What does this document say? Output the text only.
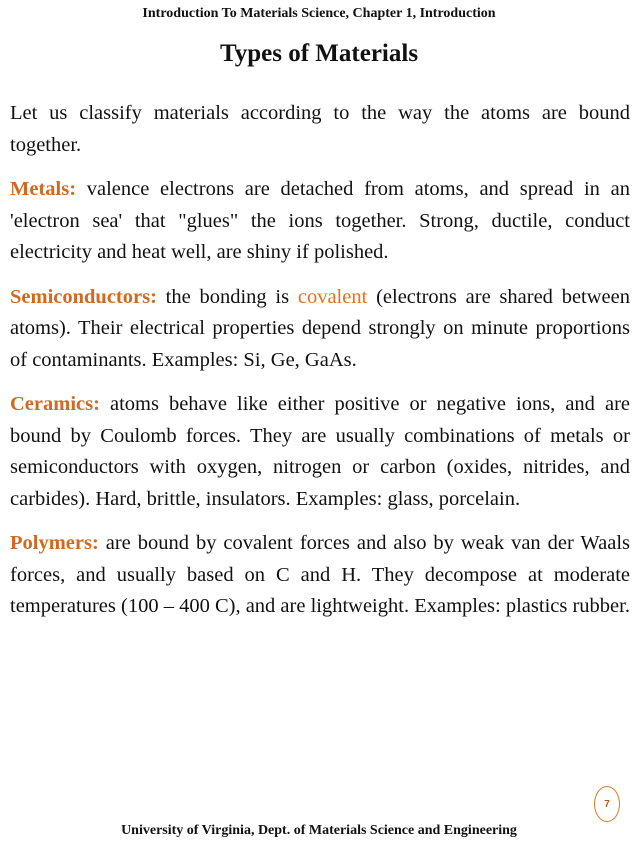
Introduction To Materials Science, Chapter 1, Introduction
Types of Materials

Let us classify materials according to the way the atoms are bound together.

Metals: valence electrons are detached from atoms, and spread in an 'electron sea' that "glues" the ions together. Strong, ductile, conduct electricity and heat well, are shiny if polished.

Semiconductors: the bonding is covalent (electrons are shared between atoms). Their electrical properties depend strongly on minute proportions of contaminants. Examples: Si, Ge, GaAs.

Ceramics: atoms behave like either positive or negative ions, and are bound by Coulomb forces. They are usually combinations of metals or semiconductors with oxygen, nitrogen or carbon (oxides, nitrides, and carbides). Hard, brittle, insulators. Examples: glass, porcelain.

Polymers: are bound by covalent forces and also by weak van der Waals forces, and usually based on C and H. They decompose at moderate temperatures (100 – 400 C), and are lightweight. Examples: plastics rubber.

7
University of Virginia, Dept. of Materials Science and Engineering
